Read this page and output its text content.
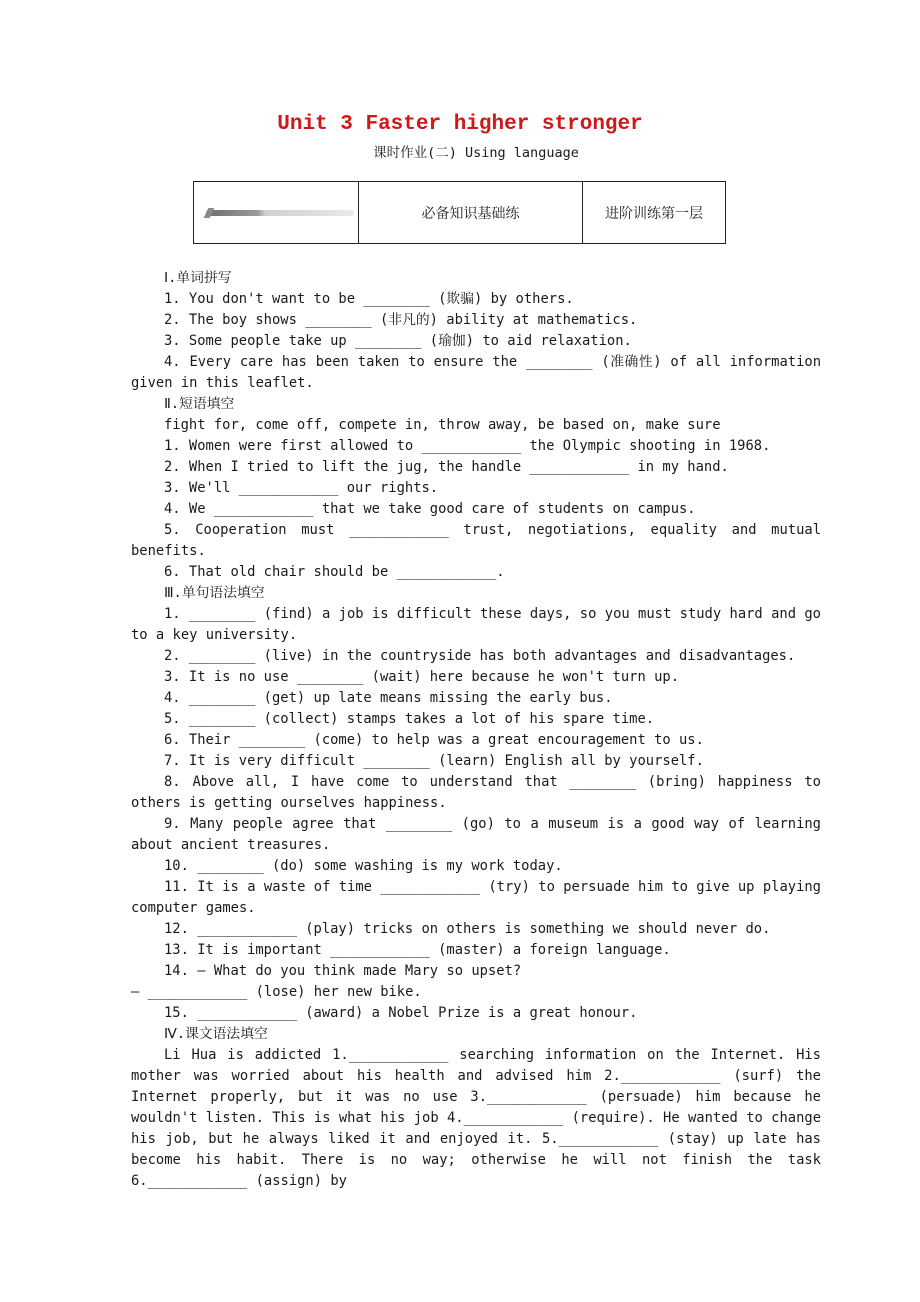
Unit 3 Faster higher stronger
课时作业(二) Using language
必备知识基础练	进阶训练第一层
Ⅰ.单词拼写
1. You don't want to be ________ (欺骗) by others.
2. The boy shows ________ (非凡的) ability at mathematics.
3. Some people take up ________ (瑜伽) to aid relaxation.
4. Every care has been taken to ensure the ________ (准确性) of all information given in this leaflet.
Ⅱ.短语填空
fight for, come off, compete in, throw away, be based on, make sure
1. Women were first allowed to ____________ the Olympic shooting in 1968.
2. When I tried to lift the jug, the handle ____________ in my hand.
3. We'll ____________ our rights.
4. We ____________ that we take good care of students on campus.
5. Cooperation must ____________ trust, negotiations, equality and mutual benefits.
6. That old chair should be ____________.
Ⅲ.单句语法填空
1. ________ (find) a job is difficult these days, so you must study hard and go to a key university.
2. ________ (live) in the countryside has both advantages and disadvantages.
3. It is no use ________ (wait) here because he won't turn up.
4. ________ (get) up late means missing the early bus.
5. ________ (collect) stamps takes a lot of his spare time.
6. Their ________ (come) to help was a great encouragement to us.
7. It is very difficult ________ (learn) English all by yourself.
8. Above all, I have come to understand that ________ (bring) happiness to others is getting ourselves happiness.
9. Many people agree that ________ (go) to a museum is a good way of learning about ancient treasures.
10. ________ (do) some washing is my work today.
11. It is a waste of time ____________ (try) to persuade him to give up playing computer games.
12. ____________ (play) tricks on others is something we should never do.
13. It is important ____________ (master) a foreign language.
14. — What do you think made Mary so upset?
— ____________ (lose) her new bike.
15. ____________ (award) a Nobel Prize is a great honour.
Ⅳ.课文语法填空
Li Hua is addicted 1.____________ searching information on the Internet. His mother was worried about his health and advised him 2.____________ (surf) the Internet properly, but it was no use 3.____________ (persuade) him because he wouldn't listen. This is what his job 4.____________ (require). He wanted to change his job, but he always liked it and enjoyed it. 5.____________ (stay) up late has become his habit. There is no way; otherwise he will not finish the task 6.____________ (assign) by
